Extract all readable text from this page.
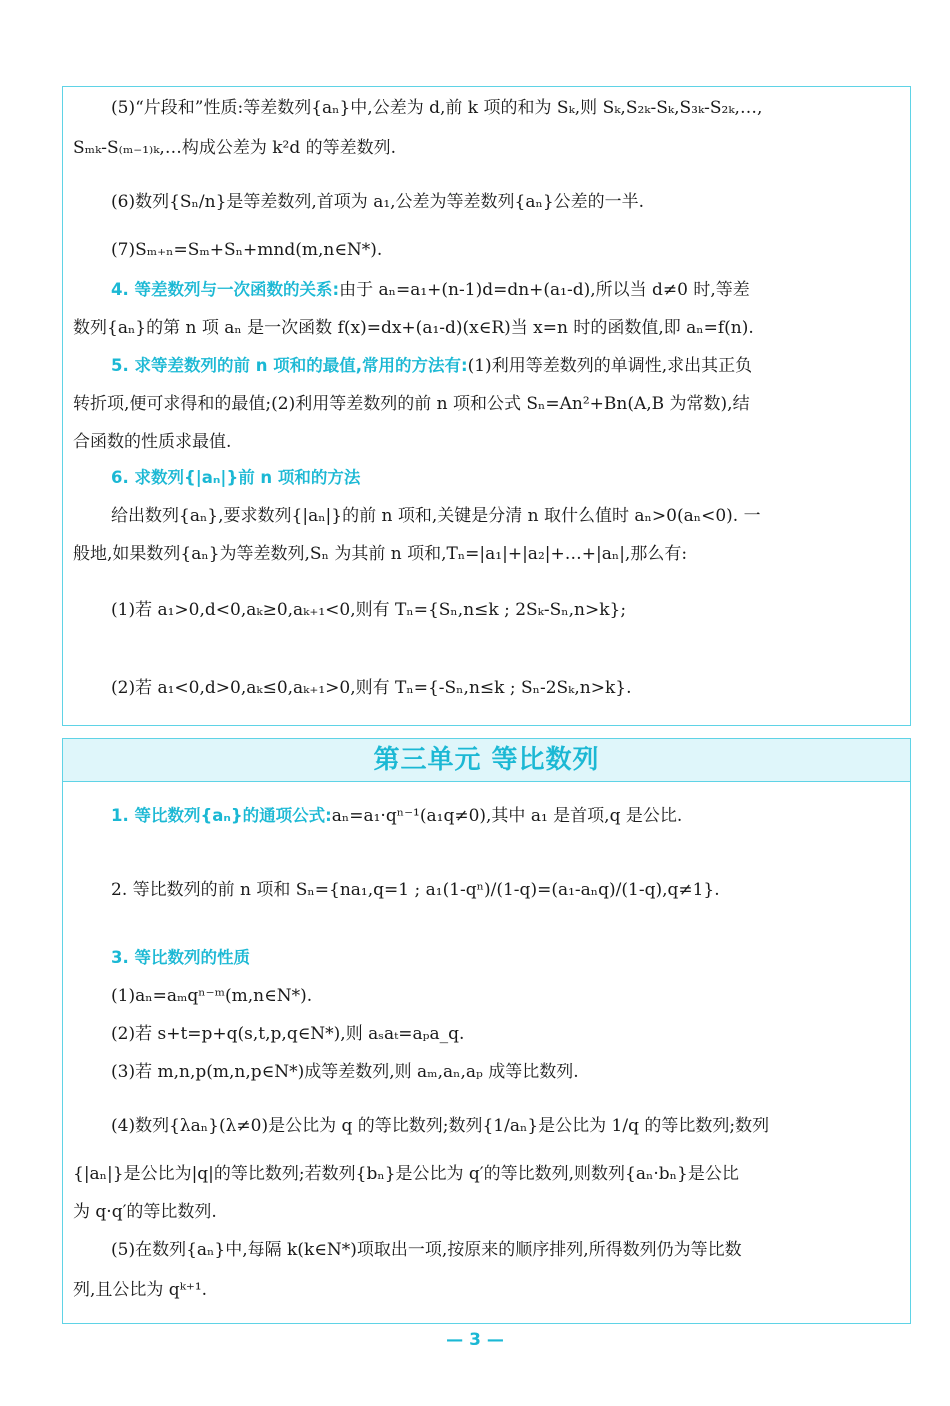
(5)“片段和”性质:等差数列{aₙ}中,公差为 d,前 k 项的和为 Sₖ,则 Sₖ,S₂ₖ-Sₖ,S₃ₖ-S₂ₖ,…,
Sₘₖ-S₍ₘ₋₁₎ₖ,…构成公差为 k²d 的等差数列.
(6)数列{Sₙ/n}是等差数列,首项为 a₁,公差为等差数列{aₙ}公差的一半.
(7)Sₘ₊ₙ=Sₘ+Sₙ+mnd(m,n∈N*).
4. 等差数列与一次函数的关系:由于 aₙ=a₁+(n-1)d=dn+(a₁-d),所以当 d≠0 时,等差
数列{aₙ}的第 n 项 aₙ 是一次函数 f(x)=dx+(a₁-d)(x∈R)当 x=n 时的函数值,即 aₙ=f(n).
5. 求等差数列的前 n 项和的最值,常用的方法有:(1)利用等差数列的单调性,求出其正负
转折项,便可求得和的最值;(2)利用等差数列的前 n 项和公式 Sₙ=An²+Bn(A,B 为常数),结
合函数的性质求最值.
6. 求数列{|aₙ|}前 n 项和的方法
给出数列{aₙ},要求数列{|aₙ|}的前 n 项和,关键是分清 n 取什么值时 aₙ>0(aₙ<0). 一
般地,如果数列{aₙ}为等差数列,Sₙ 为其前 n 项和,Tₙ=|a₁|+|a₂|+…+|aₙ|,那么有:
(1)若 a₁>0,d<0,aₖ≥0,aₖ₊₁<0,则有 Tₙ={Sₙ,n≤k ; 2Sₖ-Sₙ,n>k};
(2)若 a₁<0,d>0,aₖ≤0,aₖ₊₁>0,则有 Tₙ={-Sₙ,n≤k ; Sₙ-2Sₖ,n>k}.
第三单元 等比数列
1. 等比数列{aₙ}的通项公式:aₙ=a₁·qⁿ⁻¹(a₁q≠0),其中 a₁ 是首项,q 是公比.
2. 等比数列的前 n 项和 Sₙ={na₁,q=1 ; a₁(1-qⁿ)/(1-q)=(a₁-aₙq)/(1-q),q≠1}.
3. 等比数列的性质
(1)aₙ=aₘqⁿ⁻ᵐ(m,n∈N*).
(2)若 s+t=p+q(s,t,p,q∈N*),则 aₛaₜ=aₚa_q.
(3)若 m,n,p(m,n,p∈N*)成等差数列,则 aₘ,aₙ,aₚ 成等比数列.
(4)数列{λaₙ}(λ≠0)是公比为 q 的等比数列;数列{1/aₙ}是公比为 1/q 的等比数列;数列
{|aₙ|}是公比为|q|的等比数列;若数列{bₙ}是公比为 q′的等比数列,则数列{aₙ·bₙ}是公比
为 q·q′的等比数列.
(5)在数列{aₙ}中,每隔 k(k∈N*)项取出一项,按原来的顺序排列,所得数列仍为等比数
列,且公比为 qᵏ⁺¹.
— 3 —
